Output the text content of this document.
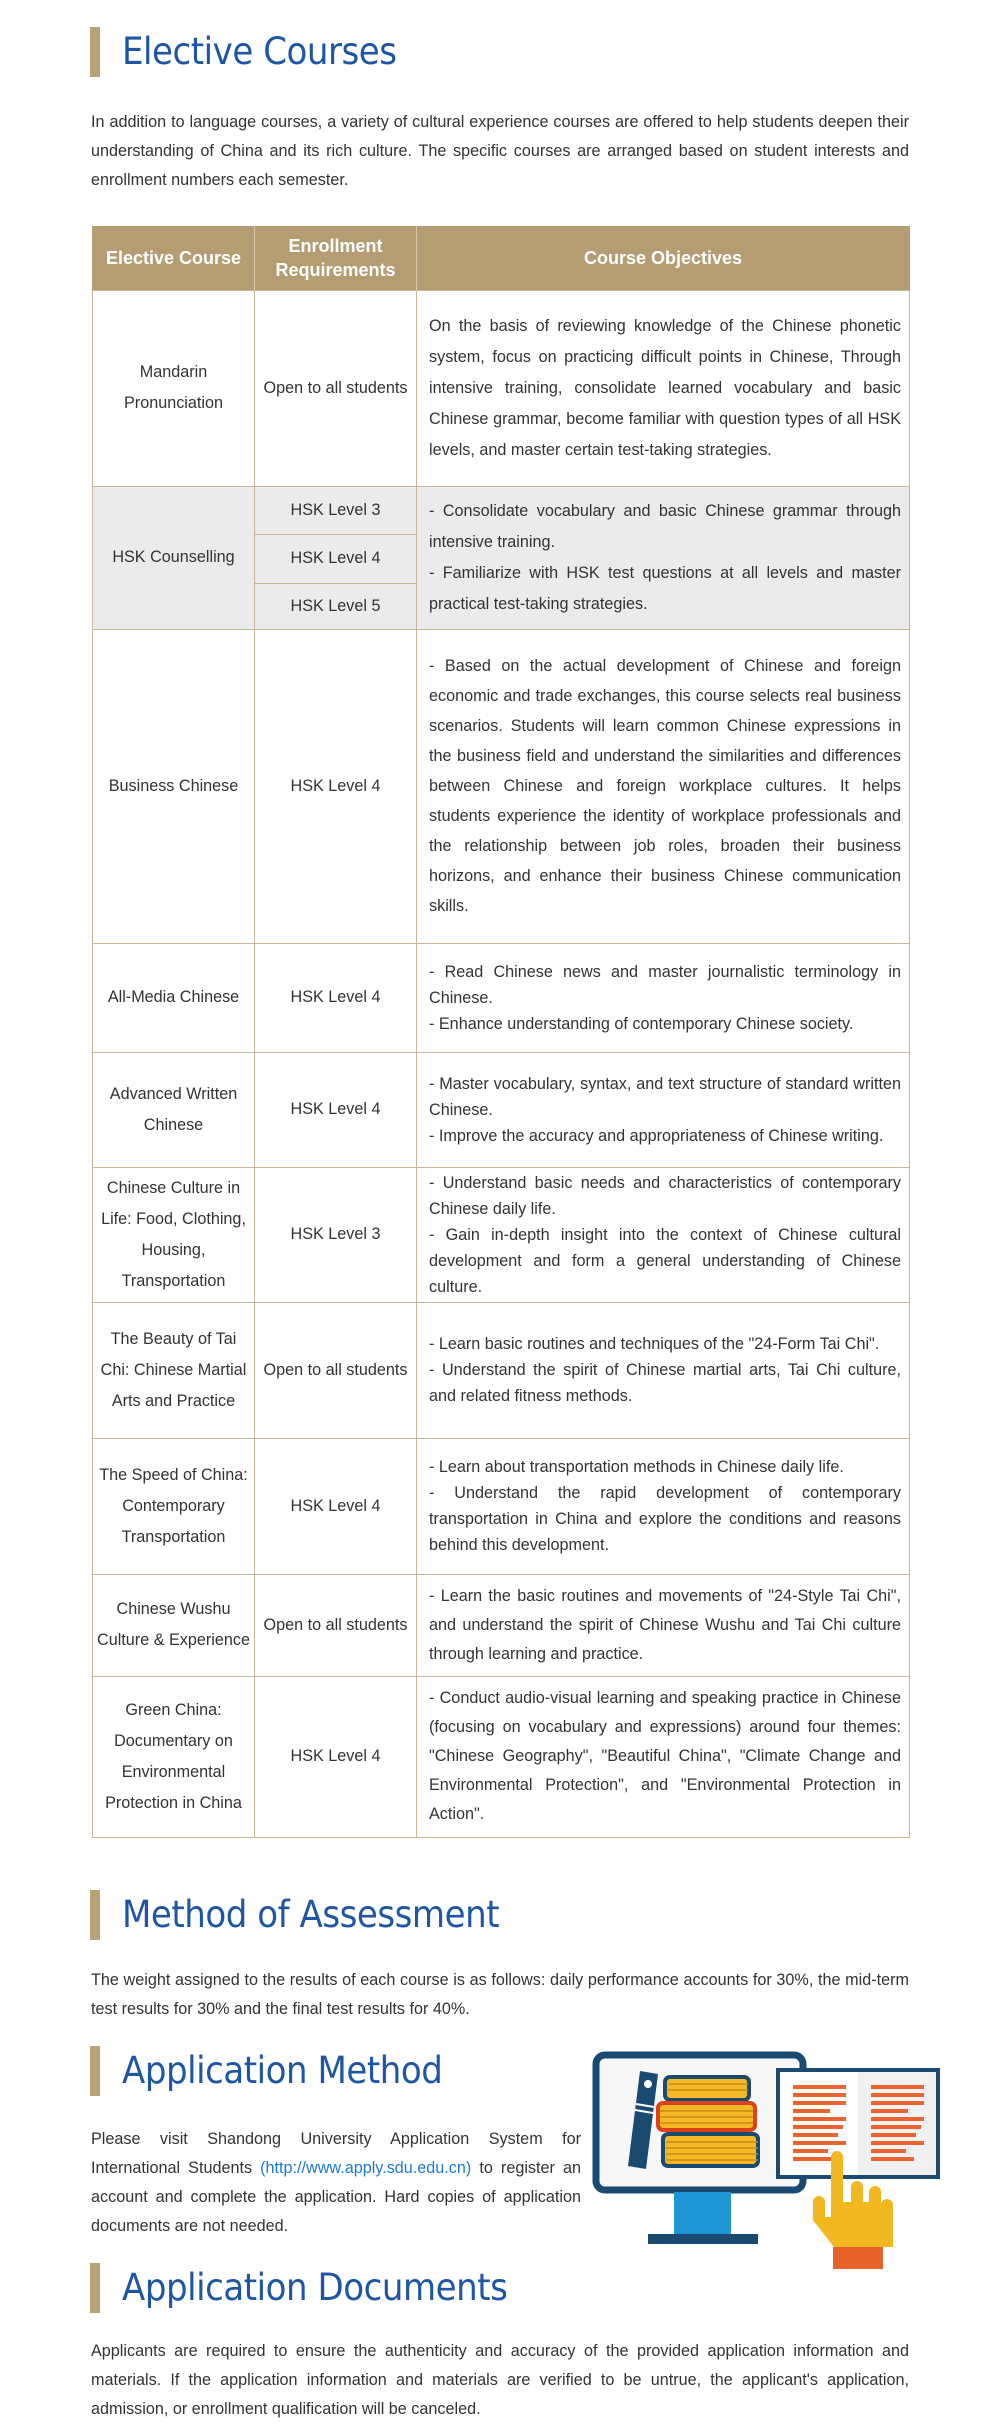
Elective Courses

In addition to language courses, a variety of cultural experience courses are offered to help students deepen their understanding of China and its rich culture. The specific courses are arranged based on student interests and enrollment numbers each semester.

Elective Course	Enrollment Requirements	Course Objectives
Mandarin Pronunciation	Open to all students	On the basis of reviewing knowledge of the Chinese phonetic system, focus on practicing difficult points in Chinese, Through intensive training, consolidate learned vocabulary and basic Chinese grammar, become familiar with question types of all HSK levels, and master certain test-taking strategies.

HSK Counselling	HSK Level 3	- Consolidate vocabulary and basic Chinese grammar through intensive training.
- Familiarize with HSK test questions at all levels and master practical test-taking strategies.

	HSK Level 4	
	HSK Level 5	
Business Chinese	HSK Level 4	- Based on the actual development of Chinese and foreign economic and trade exchanges, this course selects real business scenarios. Students will learn common Chinese expressions in the business field and understand the similarities and differences between Chinese and foreign workplace cultures. It helps students experience the identity of workplace professionals and the relationship between job roles, broaden their business horizons, and enhance their business Chinese communication skills.

All-Media Chinese	HSK Level 4	- Read Chinese news and master journalistic terminology in Chinese.
- Enhance understanding of contemporary Chinese society.

Advanced Written Chinese	HSK Level 4	- Master vocabulary, syntax, and text structure of standard written Chinese.
- Improve the accuracy and appropriateness of Chinese writing.

Chinese Culture in Life: Food, Clothing, Housing, Transportation	HSK Level 3	- Understand basic needs and characteristics of contemporary Chinese daily life.
- Gain in-depth insight into the context of Chinese cultural development and form a general understanding of Chinese culture.

The Beauty of Tai Chi: Chinese Martial Arts and Practice	Open to all students	- Learn basic routines and techniques of the "24-Form Tai Chi".
- Understand the spirit of Chinese martial arts, Tai Chi culture, and related fitness methods.

The Speed of China: Contemporary Transportation	HSK Level 4	- Learn about transportation methods in Chinese daily life.
- Understand the rapid development of contemporary transportation in China and explore the conditions and reasons behind this development.

Chinese Wushu Culture & Experience	Open to all students	- Learn the basic routines and movements of "24-Style Tai Chi", and understand the spirit of Chinese Wushu and Tai Chi culture through learning and practice.

Green China: Documentary on Environmental Protection in China	HSK Level 4	- Conduct audio-visual learning and speaking practice in Chinese (focusing on vocabulary and expressions) around four themes: "Chinese Geography", "Beautiful China", "Climate Change and Environmental Protection", and "Environmental Protection in Action".
Method of Assessment

The weight assigned to the results of each course is as follows: daily performance accounts for 30%, the mid-term test results for 30% and the final test results for 40%.

Application Method

Please visit Shandong University Application System for International Students (http://www.apply.sdu.edu.cn) to register an account and complete the application. Hard copies of application documents are not needed.

Application Documents

Applicants are required to ensure the authenticity and accuracy of the provided application information and materials. If the application information and materials are verified to be untrue, the applicant's application, admission, or enrollment qualification will be canceled.
